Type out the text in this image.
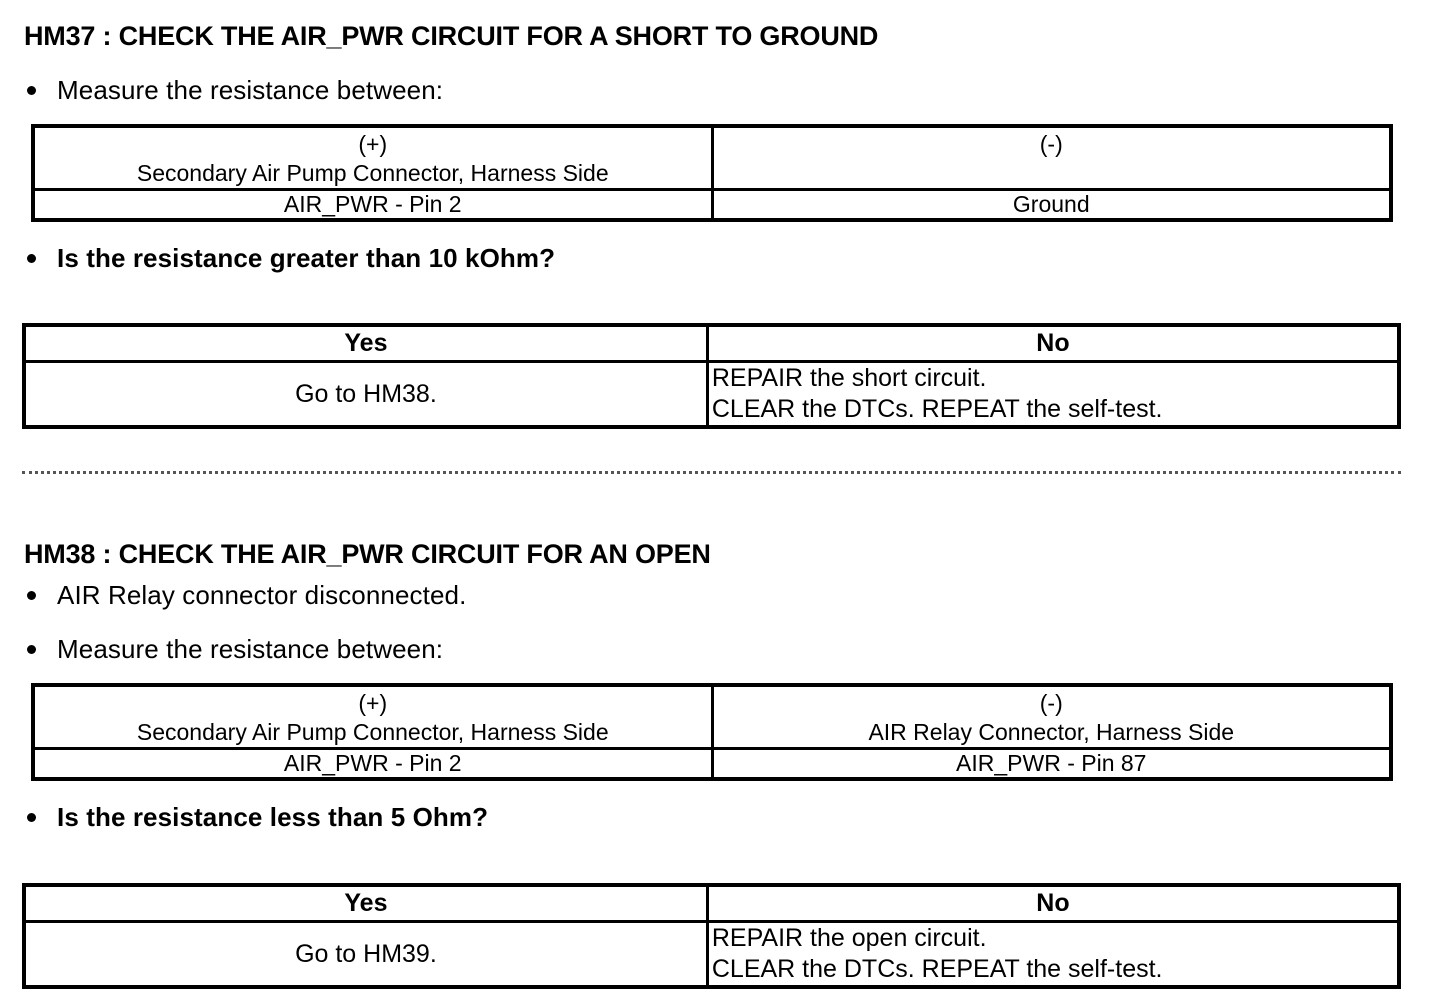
HM37 : CHECK THE AIR_PWR CIRCUIT FOR A SHORT TO GROUND
Measure the resistance between:
(+)
Secondary Air Pump Connector, Harness Side	(-)

AIR_PWR - Pin 2	Ground
Is the resistance greater than 10 kOhm?
Yes	No
Go to HM38.	REPAIR the short circuit.
CLEAR the DTCs. REPEAT the self-test.
HM38 : CHECK THE AIR_PWR CIRCUIT FOR AN OPEN
AIR Relay connector disconnected.
Measure the resistance between:
(+)
Secondary Air Pump Connector, Harness Side	(-)
AIR Relay Connector, Harness Side

AIR_PWR - Pin 2	AIR_PWR - Pin 87
Is the resistance less than 5 Ohm?
Yes	No
Go to HM39.	REPAIR the open circuit.
CLEAR the DTCs. REPEAT the self-test.
